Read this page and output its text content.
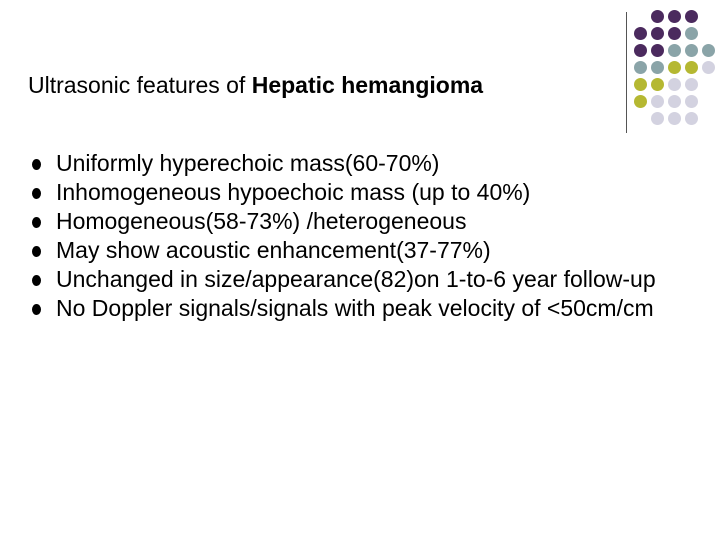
Ultrasonic features of Hepatic hemangioma
Uniformly hyperechoic mass(60-70%)
Inhomogeneous hypoechoic mass (up to 40%)
Homogeneous(58-73%) /heterogeneous
May show acoustic enhancement(37-77%)
Unchanged in size/appearance(82)on 1-to-6 year follow-up
No Doppler signals/signals with peak velocity of <50cm/cm
